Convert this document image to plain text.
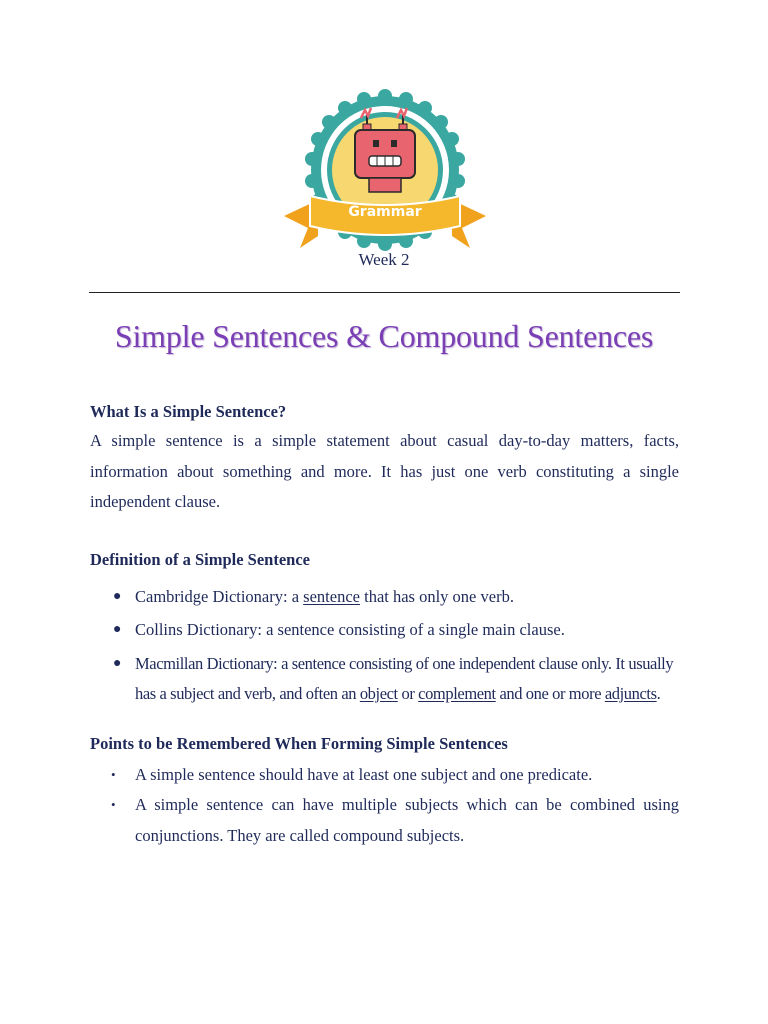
Grammar
Week 2
Simple Sentences & Compound Sentences

What Is a Simple Sentence?

A simple sentence is a simple statement about casual day-to-day matters, facts, information about something and more. It has just one verb constituting a single independent clause.

Definition of a Simple Sentence

● Cambridge Dictionary: a sentence that has only one verb.
● Collins Dictionary: a sentence consisting of a single main clause.
● Macmillan Dictionary: a sentence consisting of one independent clause only. It usually has a subject and verb, and often an object or complement and one or more adjuncts.

Points to be Remembered When Forming Simple Sentences

• A simple sentence should have at least one subject and one predicate.
• A simple sentence can have multiple subjects which can be combined using conjunctions. They are called compound subjects.
